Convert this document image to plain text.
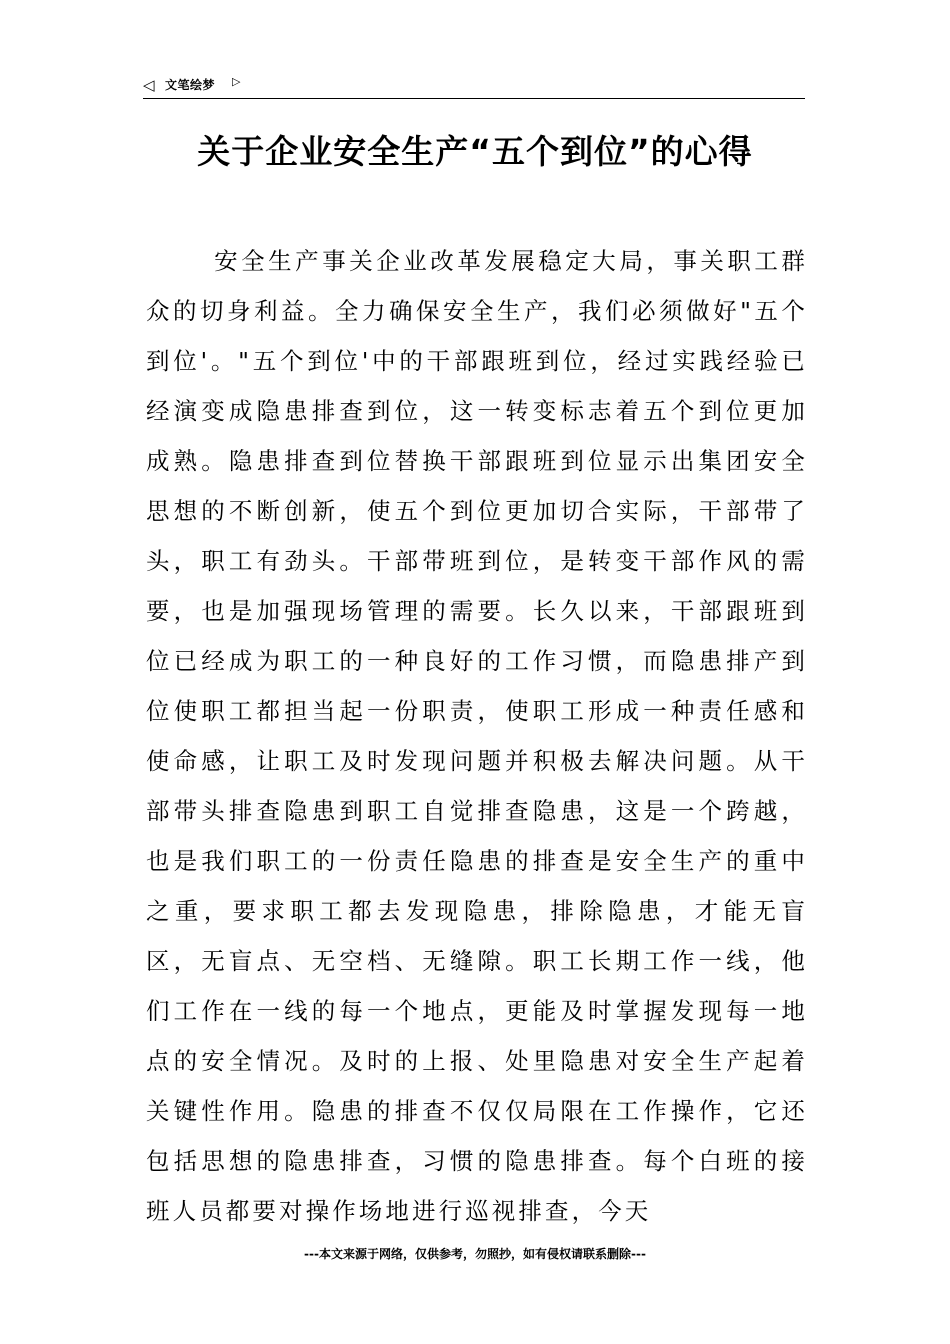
◁ 文笔绘梦 ▷
关于企业安全生产“五个到位”的心得

安全生产事关企业改革发展稳定大局，事关职工群众的切身利益。全力确保安全生产，我们必须做好"五个到位'。"五个到位'中的干部跟班到位，经过实践经验已经演变成隐患排查到位，这一转变标志着五个到位更加成熟。隐患排查到位替换干部跟班到位显示出集团安全思想的不断创新，使五个到位更加切合实际，干部带了头，职工有劲头。干部带班到位，是转变干部作风的需要，也是加强现场管理的需要。长久以来，干部跟班到位已经成为职工的一种良好的工作习惯，而隐患排产到位使职工都担当起一份职责，使职工形成一种责任感和使命感，让职工及时发现问题并积极去解决问题。从干部带头排查隐患到职工自觉排查隐患，这是一个跨越，也是我们职工的一份责任隐患的排查是安全生产的重中之重，要求职工都去发现隐患，排除隐患，才能无盲区，无盲点、无空档、无缝隙。职工长期工作一线，他们工作在一线的每一个地点，更能及时掌握发现每一地点的安全情况。及时的上报、处里隐患对安全生产起着关键性作用。隐患的排查不仅仅局限在工作操作，它还包括思想的隐患排查，习惯的隐患排查。每个白班的接班人员都要对操作场地进行巡视排查，今天

---本文来源于网络，仅供参考，勿照抄，如有侵权请联系删除---
